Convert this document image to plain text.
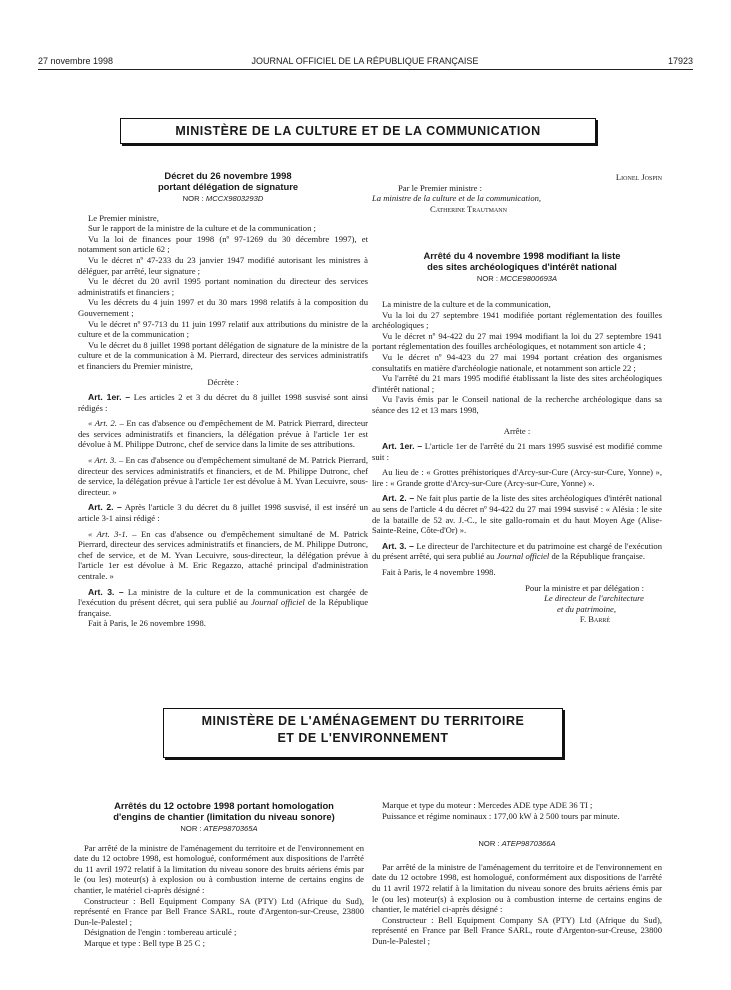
27 novembre 1998	JOURNAL OFFICIEL DE LA RÉPUBLIQUE FRANÇAISE	17923
MINISTÈRE DE LA CULTURE ET DE LA COMMUNICATION

Décret du 26 novembre 1998

portant délégation de signature

NOR : MCCX9803293D

Le Premier ministre,

Sur le rapport de la ministre de la culture et de la communication ;

Vu la loi de finances pour 1998 (nº 97-1269 du 30 décembre 1997), et notamment son article 62 ;

Vu le décret nº 47-233 du 23 janvier 1947 modifié autorisant les ministres à déléguer, par arrêté, leur signature ;

Vu le décret du 20 avril 1995 portant nomination du directeur des services administratifs et financiers ;

Vu les décrets du 4 juin 1997 et du 30 mars 1998 relatifs à la composition du Gouvernement ;

Vu le décret nº 97-713 du 11 juin 1997 relatif aux attributions du ministre de la culture et de la communication ;

Vu le décret du 8 juillet 1998 portant délégation de signature de la ministre de la culture et de la communication à M. Pierrard, directeur des services administratifs et financiers du Premier ministre,

Décrète :

Art. 1er. – Les articles 2 et 3 du décret du 8 juillet 1998 susvisé sont ainsi rédigés :

« Art. 2. – En cas d'absence ou d'empêchement de M. Patrick Pierrard, directeur des services administratifs et financiers, la délégation prévue à l'article 1er est dévolue à M. Philippe Dutronc, chef de service dans la limite de ses attributions.

« Art. 3. – En cas d'absence ou d'empêchement simultané de M. Patrick Pierrard, directeur des services administratifs et financiers, et de M. Philippe Dutronc, chef de service, la délégation prévue à l'article 1er est dévolue à M. Yvan Lecuivre, sous-directeur. »

Art. 2. – Après l'article 3 du décret du 8 juillet 1998 susvisé, il est inséré un article 3-1 ainsi rédigé :

« Art. 3-1. – En cas d'absence ou d'empêchement simultané de M. Patrick Pierrard, directeur des services administratifs et financiers, de M. Philippe Dutronc, chef de service, et de M. Yvan Lecuivre, sous-directeur, la délégation prévue à l'article 1er est dévolue à M. Eric Regazzo, attaché principal d'administration centrale. »

Art. 3. – La ministre de la culture et de la communication est chargée de l'exécution du présent décret, qui sera publié au Journal officiel de la République française.

Fait à Paris, le 26 novembre 1998.

Lionel Jospin

Par le Premier ministre :

La ministre de la culture et de la communication,

Catherine Trautmann

Arrêté du 4 novembre 1998 modifiant la liste

des sites archéologiques d'intérêt national

NOR : MCCE9800693A

La ministre de la culture et de la communication,

Vu la loi du 27 septembre 1941 modifiée portant réglementation des fouilles archéologiques ;

Vu le décret nº 94-422 du 27 mai 1994 modifiant la loi du 27 septembre 1941 portant réglementation des fouilles archéologiques, et notamment son article 4 ;

Vu le décret nº 94-423 du 27 mai 1994 portant création des organismes consultatifs en matière d'archéologie nationale, et notamment son article 22 ;

Vu l'arrêté du 21 mars 1995 modifié établissant la liste des sites archéologiques d'intérêt national ;

Vu l'avis émis par le Conseil national de la recherche archéologique dans sa séance des 12 et 13 mars 1998,

Arrête :

Art. 1er. – L'article 1er de l'arrêté du 21 mars 1995 susvisé est modifié comme suit :

Au lieu de : « Grottes préhistoriques d'Arcy-sur-Cure (Arcy-sur-Cure, Yonne) », lire : « Grande grotte d'Arcy-sur-Cure (Arcy-sur-Cure, Yonne) ».

Art. 2. – Ne fait plus partie de la liste des sites archéologiques d'intérêt national au sens de l'article 4 du décret nº 94-422 du 27 mai 1994 susvisé : « Alésia : le site de la bataille de 52 av. J.-C., le site gallo-romain et du haut Moyen Age (Alise-Sainte-Reine, Côte-d'Or) ».

Art. 3. – Le directeur de l'architecture et du patrimoine est chargé de l'exécution du présent arrêté, qui sera publié au Journal officiel de la République française.

Fait à Paris, le 4 novembre 1998.

Pour la ministre et par délégation :

Le directeur de l'architecture

et du patrimoine,

F. Barré

MINISTÈRE DE L'AMÉNAGEMENT DU TERRITOIRE
ET DE L'ENVIRONNEMENT

Arrêtés du 12 octobre 1998 portant homologation

d'engins de chantier (limitation du niveau sonore)

NOR : ATEP9870365A

Par arrêté de la ministre de l'aménagement du territoire et de l'environnement en date du 12 octobre 1998, est homologué, conformément aux dispositions de l'arrêté du 11 avril 1972 relatif à la limitation du niveau sonore des bruits aériens émis par le (ou les) moteur(s) à explosion ou à combustion interne de certains engins de chantier, le matériel ci-après désigné :

Constructeur : Bell Equipment Company SA (PTY) Ltd (Afrique du Sud), représenté en France par Bell France SARL, route d'Argenton-sur-Creuse, 23800 Dun-le-Palestel ;

Désignation de l'engin : tombereau articulé ;

Marque et type : Bell type B 25 C ;

Marque et type du moteur : Mercedes ADE type ADE 36 TI ;

Puissance et régime nominaux : 177,00 kW à 2 500 tours par minute.

NOR : ATEP9870366A

Par arrêté de la ministre de l'aménagement du territoire et de l'environnement en date du 12 octobre 1998, est homologué, conformément aux dispositions de l'arrêté du 11 avril 1972 relatif à la limitation du niveau sonore des bruits aériens émis par le (ou les) moteur(s) à explosion ou à combustion interne de certains engins de chantier, le matériel ci-après désigné :

Constructeur : Bell Equipment Company SA (PTY) Ltd (Afrique du Sud), représenté en France par Bell France SARL, route d'Argenton-sur-Creuse, 23800 Dun-le-Palestel ;
